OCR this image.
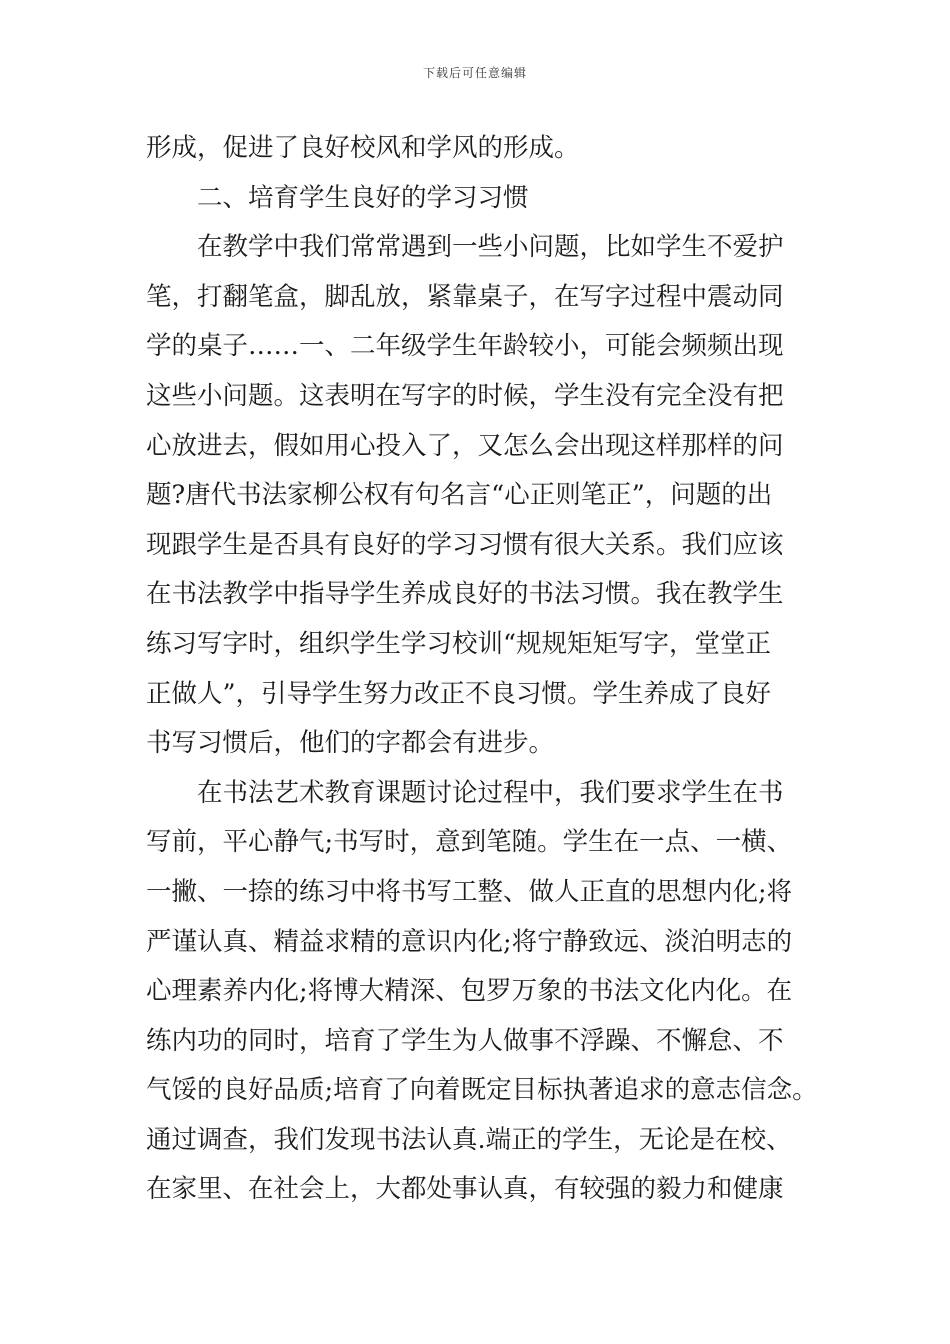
下载后可任意编辑
形成，促进了良好校风和学风的形成。
二、培育学生良好的学习习惯
在教学中我们常常遇到一些小问题，比如学生不爱护
笔，打翻笔盒，脚乱放，紧靠桌子，在写字过程中震动同
学的桌子……一、二年级学生年龄较小，可能会频频出现
这些小问题。这表明在写字的时候，学生没有完全没有把
心放进去，假如用心投入了，又怎么会出现这样那样的问
题?唐代书法家柳公权有句名言“心正则笔正”，问题的出
现跟学生是否具有良好的学习习惯有很大关系。我们应该
在书法教学中指导学生养成良好的书法习惯。我在教学生
练习写字时，组织学生学习校训“规规矩矩写字，堂堂正
正做人”，引导学生努力改正不良习惯。学生养成了良好
书写习惯后，他们的字都会有进步。
在书法艺术教育课题讨论过程中，我们要求学生在书
写前，平心静气;书写时，意到笔随。学生在一点、一横、
一撇、一捺的练习中将书写工整、做人正直的思想内化;将
严谨认真、精益求精的意识内化;将宁静致远、淡泊明志的
心理素养内化;将博大精深、包罗万象的书法文化内化。在
练内功的同时，培育了学生为人做事不浮躁、不懈怠、不
气馁的良好品质;培育了向着既定目标执著追求的意志信念。
通过调查，我们发现书法认真.端正的学生，无论是在校、
在家里、在社会上，大都处事认真，有较强的毅力和健康
